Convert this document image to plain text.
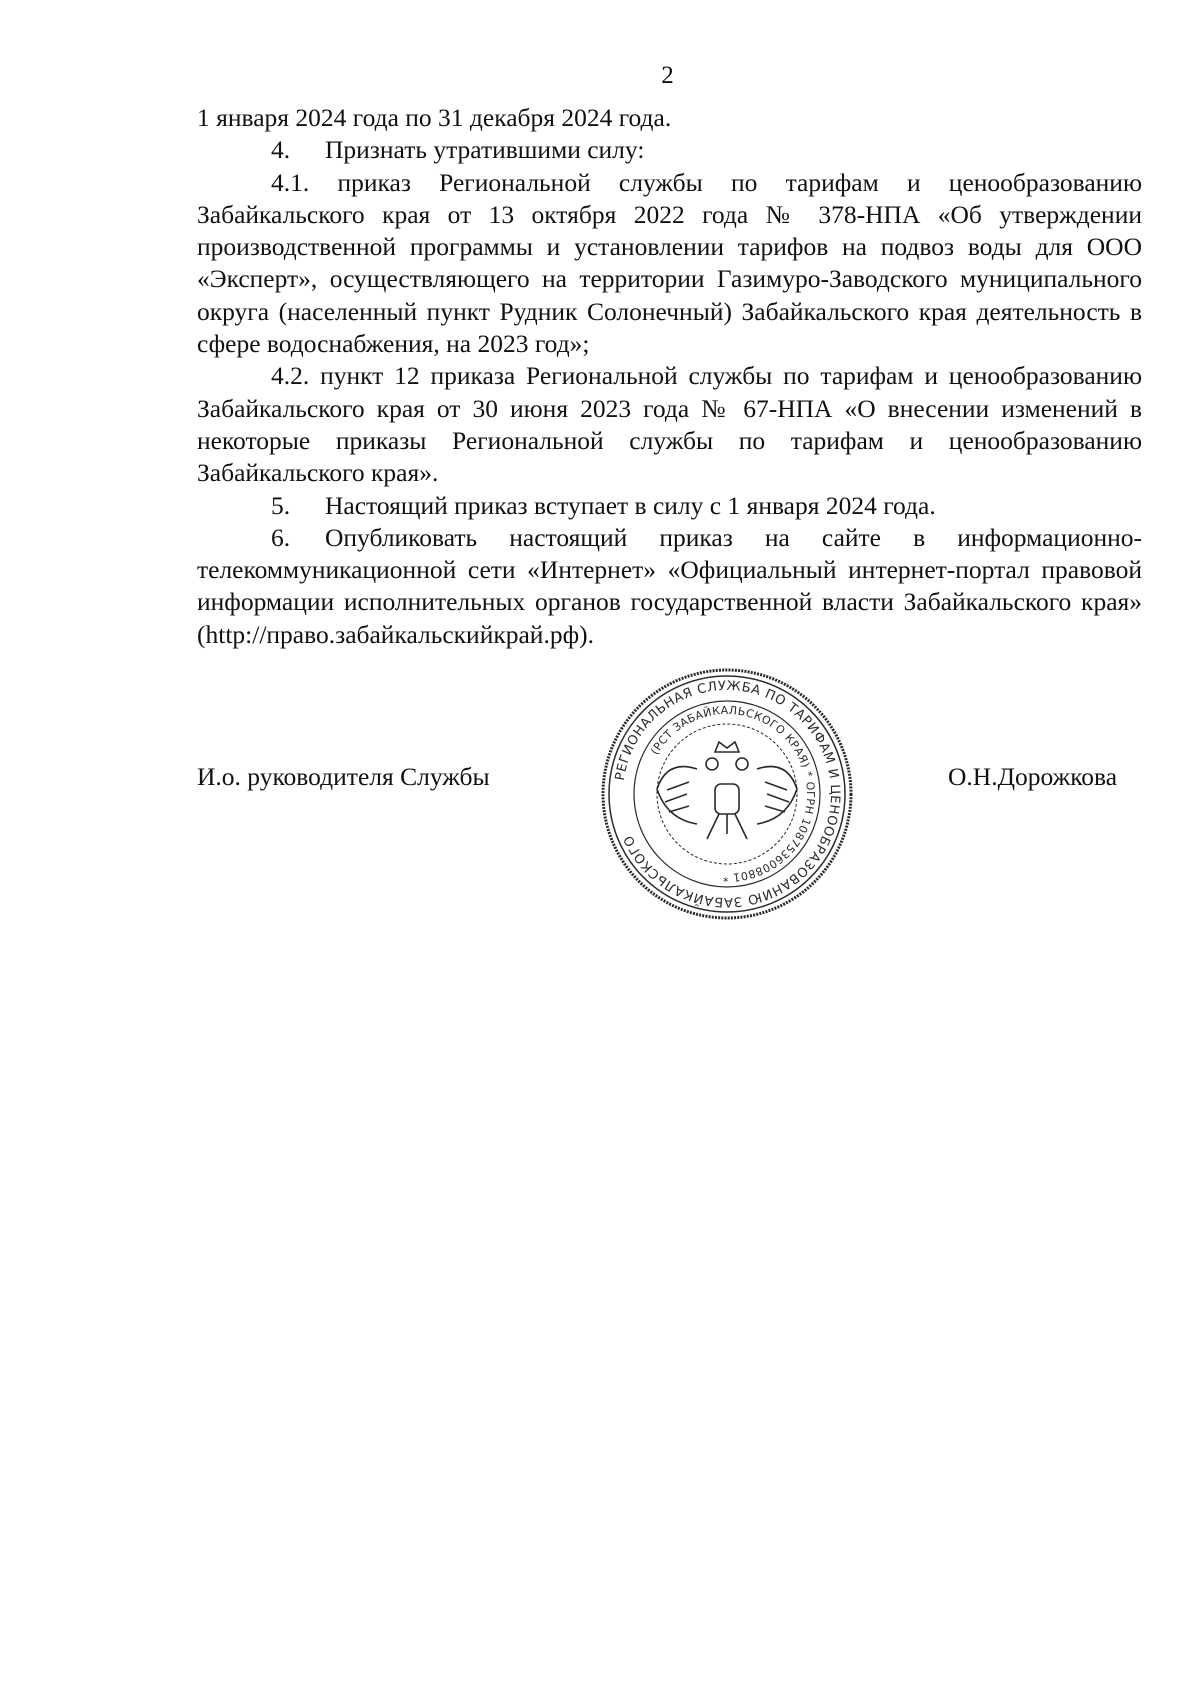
2

1 января 2024 года по 31 декабря 2024 года.

4. Признать утратившими силу:

4.1. приказ Региональной службы по тарифам и ценообразованию Забайкальского края от 13 октября 2022 года № 378-НПА «Об утверждении производственной программы и установлении тарифов на подвоз воды для ООО «Эксперт», осуществляющего на территории Газимуро-Заводского муниципального округа (населенный пункт Рудник Солонечный) Забайкальского края деятельность в сфере водоснабжения, на 2023 год»;

4.2. пункт 12 приказа Региональной службы по тарифам и ценообразованию Забайкальского края от 30 июня 2023 года № 67-НПА «О внесении изменений в некоторые приказы Региональной службы по тарифам и ценообразованию Забайкальского края».

5. Настоящий приказ вступает в силу с 1 января 2024 года.

6. Опубликовать настоящий приказ на сайте в информационно-телекоммуникационной сети «Интернет» «Официальный интернет-портал правовой информации исполнительных органов государственной власти Забайкальского края» (http://право.забайкальскийкрай.рф).

И.о. руководителя Службы	О.Н.Дорожкова
РЕГИОНАЛЬНАЯ СЛУЖБА ПО ТАРИФАМ И ЦЕНООБРАЗОВАНИЮ ЗАБАЙКАЛЬСКОГО
(РСТ ЗАБАЙКАЛЬСКОГО КРАЯ) * ОГРН 1087536008801 *
